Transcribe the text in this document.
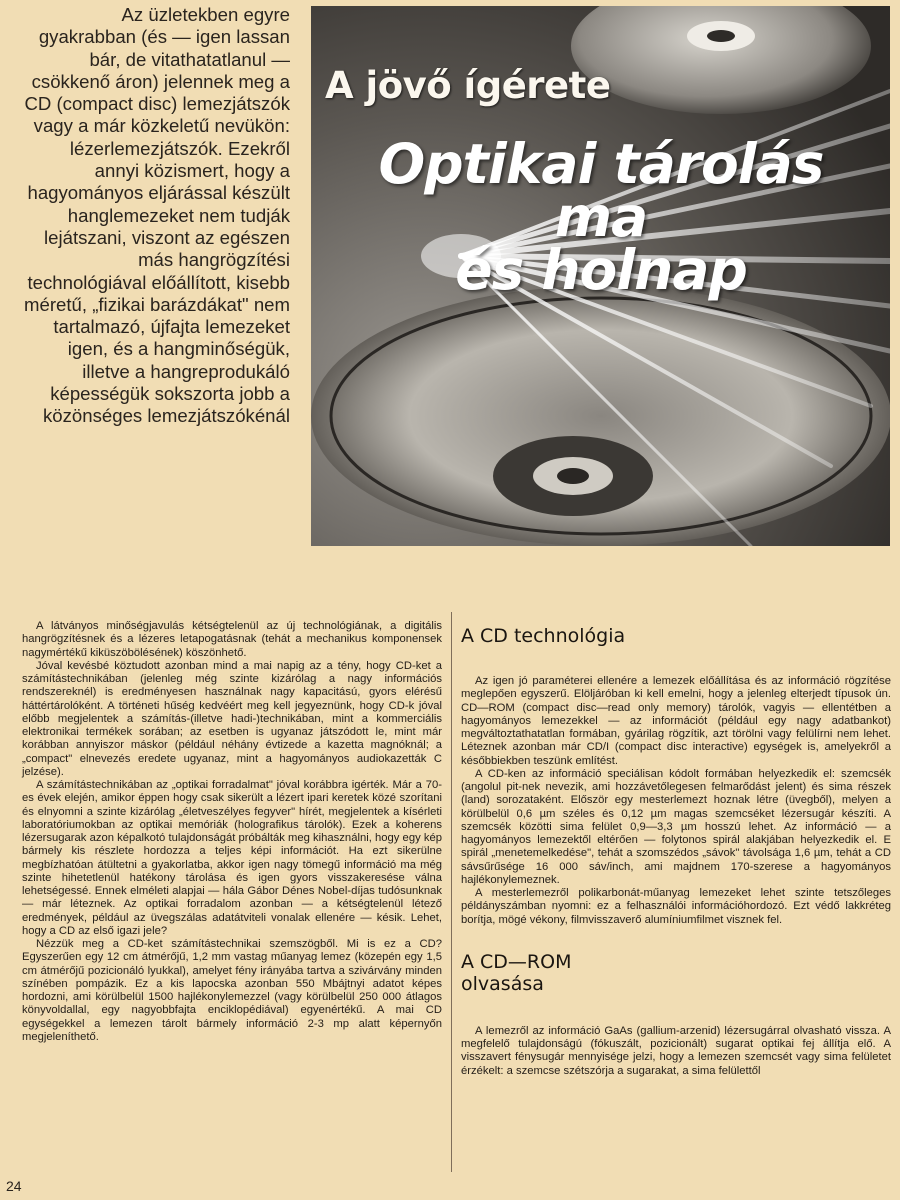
Az üzletekben egyre gyakrabban (és — igen lassan bár, de vitathatatlanul — csökkenő áron) jelennek meg a CD (compact disc) lemezjátszók vagy a már közkeletű nevükön: lézerlemezjátszók. Ezekről annyi közismert, hogy a hagyományos eljárással készült hanglemezeket nem tudják lejátszani, viszont az egészen más hangrögzítési technológiával előállított, kisebb méretű, „fizikai barázdákat" nem tartalmazó, újfajta lemezeket igen, és a hangminőségük, illetve a hangreprodukáló képességük sokszorta jobb a közönséges lemezjátszókénál

A jövő ígérete
Optikai tárolás
ma
és holnap

A látványos minőségjavulás kétségtelenül az új technológiának, a digitális hangrögzítésnek és a lézeres letapogatásnak (tehát a mechanikus komponensek nagymértékű kiküszöbölésének) köszönhető.

Jóval kevésbé köztudott azonban mind a mai napig az a tény, hogy CD-ket a számítástechnikában (jelenleg még szinte kizárólag a nagy információs rendszereknél) is eredményesen használnak nagy kapacitású, gyors elérésű háttértárolóként. A történeti hűség kedvéért meg kell jegyeznünk, hogy CD-k jóval előbb megjelentek a számítás-(illetve hadi-)technikában, mint a kommerciális elektronikai termékek sorában; az esetben is ugyanaz játszódott le, mint már korábban annyiszor máskor (például néhány évtizede a kazetta magnóknál; a „compact" elnevezés eredete ugyanaz, mint a hagyományos audiokazetták C jelzése).

A számítástechnikában az „optikai forradalmat" jóval korábbra igérték. Már a 70-es évek elején, amikor éppen hogy csak sikerült a lézert ipari keretek közé szorítani és elnyomni a szinte kizárólag „életveszélyes fegyver" hírét, megjelentek a kísérleti laboratóriumokban az optikai memóriák (holografikus tárolók). Ezek a koherens lézersugarak azon képalkotó tulajdonságát próbálták meg kihasználni, hogy egy kép bármely kis részlete hordozza a teljes képi információt. Ha ezt sikerülne megbízhatóan átültetni a gyakorlatba, akkor igen nagy tömegű információ ma még szinte hihetetlenül hatékony tárolása és igen gyors visszakeresése válna lehetségessé. Ennek elméleti alapjai — hála Gábor Dénes Nobel-díjas tudósunknak — már léteznek. Az optikai forradalom azonban — a kétségtelenül létező eredmények, például az üvegszálas adatátviteli vonalak ellenére — késik. Lehet, hogy a CD az első igazi jele?

Nézzük meg a CD-ket számítástechnikai szemszögből. Mi is ez a CD? Egyszerűen egy 12 cm átmérőjű, 1,2 mm vastag műanyag lemez (közepén egy 1,5 cm átmérőjű pozicionáló lyukkal), amelyet fény irányába tartva a szivárvány minden színében pompázik. Ez a kis lapocska azonban 550 Mbájtnyi adatot képes hordozni, ami körülbelül 1500 hajlékonylemezzel (vagy körülbelül 250 000 átlagos könyvoldallal, egy nagyobbfajta enciklopédiával) egyenértékű. A mai CD egységekkel a lemezen tárolt bármely információ 2-3 mp alatt képernyőn megjeleníthető.

A CD technológia

Az igen jó paraméterei ellenére a lemezek előállítása és az információ rögzítése meglepően egyszerű. Elöljáróban ki kell emelni, hogy a jelenleg elterjedt típusok ún. CD—ROM (compact disc—read only memory) tárolók, vagyis — ellentétben a hagyományos lemezekkel — az információt (például egy nagy adatbankot) megváltoztathatatlan formában, gyárilag rögzítik, azt törölni vagy felülírni nem lehet. Léteznek azonban már CD/I (compact disc interactive) egységek is, amelyekről a későbbiekben teszünk említést.

A CD-ken az információ speciálisan kódolt formában helyezkedik el: szemcsék (angolul pit-nek nevezik, ami hozzávetőlegesen felmarődást jelent) és sima részek (land) sorozataként. Először egy mesterlemezt hoznak létre (üvegből), melyen a körülbelül 0,6 µm széles és 0,12 µm magas szemcséket lézersugár készíti. A szemcsék közötti sima felület 0,9—3,3 µm hosszú lehet. Az információ — a hagyományos lemezektől eltérően — folytonos spirál alakjában helyezkedik el. E spirál „menetemelkedése", tehát a szomszédos „sávok" távolsága 1,6 µm, tehát a CD sávsűrűsége 16 000 sáv/inch, ami majdnem 170-szerese a hagyományos hajlékonylemeznek.

A mesterlemezről polikarbonát-műanyag lemezeket lehet szinte tetszőleges példányszámban nyomni: ez a felhasználói információhordozó. Ezt védő lakkréteg borítja, mögé vékony, filmvisszaverő alumíniumfilmet visznek fel.

A CD—ROM
olvasása

A lemezről az információ GaAs (gallium-arzenid) lézersugárral olvasható vissza. A megfelelő tulajdonságú (fókuszált, pozicionált) sugarat optikai fej állítja elő. A visszavert fénysugár mennyisége jelzi, hogy a lemezen szemcsét vagy sima felületet érzékelt: a szemcse szétszórja a sugarakat, a sima felülettől

24
